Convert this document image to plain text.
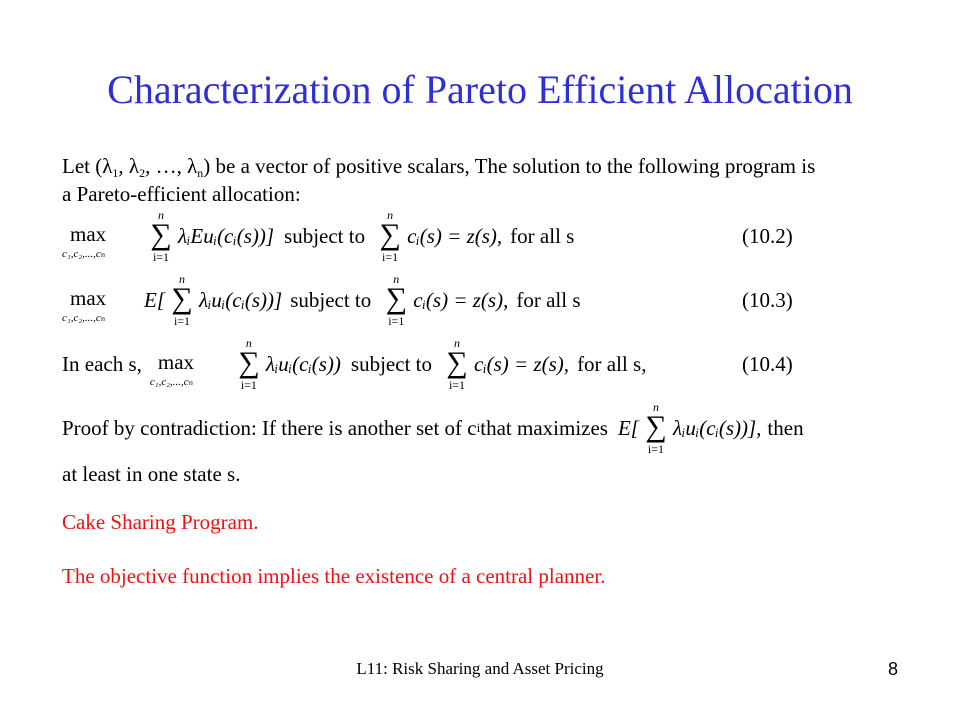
Characterization of Pareto Efficient Allocation
Let ($\lambda_1$, $\lambda_2$, …, $\lambda_n$) be a vector of positive scalars, The solution to the following program is
a Pareto-efficient allocation:
max
c₁,c₂,...,cₙ
n
∑
i=1
λᵢEuᵢ(cᵢ(s))] subject to
n
∑
i=1
cᵢ(s) = z(s), for all s	(10.2)
max
c₁,c₂,...,cₙ
E[
n
∑
i=1
λᵢuᵢ(cᵢ(s))] subject to
n
∑
i=1
cᵢ(s) = z(s), for all s	(10.3)
In each s, max
c₁,c₂,...,cₙ
n
∑
i=1
λᵢuᵢ(cᵢ(s)) subject to
n
∑
i=1
cᵢ(s) = z(s), for all s,	(10.4)
Proof by contradiction: If there is another set of c i that maximizes E[
n
∑
i=1
λᵢuᵢ(cᵢ(s))], then
at least in one state s.
Cake Sharing Program.
The objective function implies the existence of a central planner.
L11: Risk Sharing and Asset Pricing	8
